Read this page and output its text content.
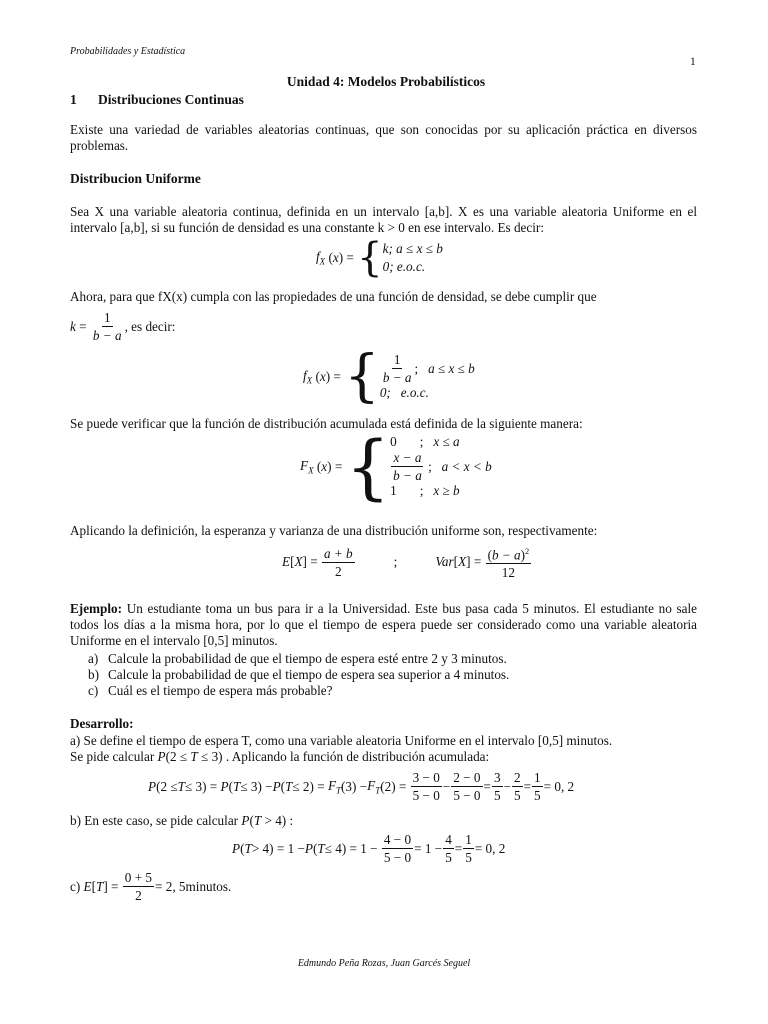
Probabilidades y Estadística
1
Unidad 4: Modelos Probabilísticos
1 Distribuciones Continuas
Existe una variedad de variables aleatorias continuas, que son conocidas por su aplicación práctica en diversos problemas.
Distribucion Uniforme
Sea X una variable aleatoria continua, definida en un intervalo [a,b]. X es una variable aleatoria Uniforme en el intervalo [a,b], si su función de densidad es una constante k > 0 en ese intervalo. Es decir:
$f_X$ ( x ) = { k; a ≤ x ≤ b
0; e.o.c.
Ahora, para que fX(x) cumpla con las propiedades de una función de densidad, se debe cumplir que
$k = \frac{1}{b - a}$ , es decir:
$f_X$ ( x ) = { $\frac{1}{b - a}$ ; a ≤ x ≤ b
0;   e.o.c.
Se puede verificar que la función de distribución acumulada está definida de la siguiente manera:
$F_X$ ( x ) = { 0       ;   x ≤ a
$\frac{x - a}{b - a}$ ; a < x < b
1       ;   x ≥ b
Aplicando la definición, la esperanza y varianza de una distribución uniforme son, respectivamente:
E [ X ] = $\frac{a + b}{2}$	;	Var [ X ] = $\frac{(b - a)^2}{12}$
Ejemplo: Un estudiante toma un bus para ir a la Universidad. Este bus pasa cada 5 minutos. El estudiante no sale todos los días a la misma hora, por lo que el tiempo de espera puede ser considerado como una variable aleatoria Uniforme en el intervalo [0,5] minutos.
a) Calcule la probabilidad de que el tiempo de espera esté entre 2 y 3 minutos.
b) Calcule la probabilidad de que el tiempo de espera sea superior a 4 minutos.
c) Cuál es el tiempo de espera más probable?
Desarrollo:
a) Se define el tiempo de espera T, como una variable aleatoria Uniforme en el intervalo [0,5] minutos.
Se pide calcular P(2 ≤ T ≤ 3) . Aplicando la función de distribución acumulada:
P (2 ≤ T ≤ 3) = P ( T ≤ 3) − P ( $T \le 2) = F_T$ $(3) - F_T$ $(2) = \frac{3 - 0}{5 - 0} - \frac{2 - 0}{5 - 0} = \frac{3}{5} - \frac{2}{5} = \frac{1}{5} = 0$, 2
b) En este caso, se pide calcular P(T > 4) :
P ( T > 4) = 1 − P ( $T \le 4) = 1 - \frac{4 - 0}{5 - 0} = 1 - \frac{4}{5} = \frac{1}{5} = 0$, 2
c)
E [ T ] = $\frac{0 + 5}{2} = 2$, 5 minutos.
Edmundo Peña Rozas, Juan Garcés Seguel
